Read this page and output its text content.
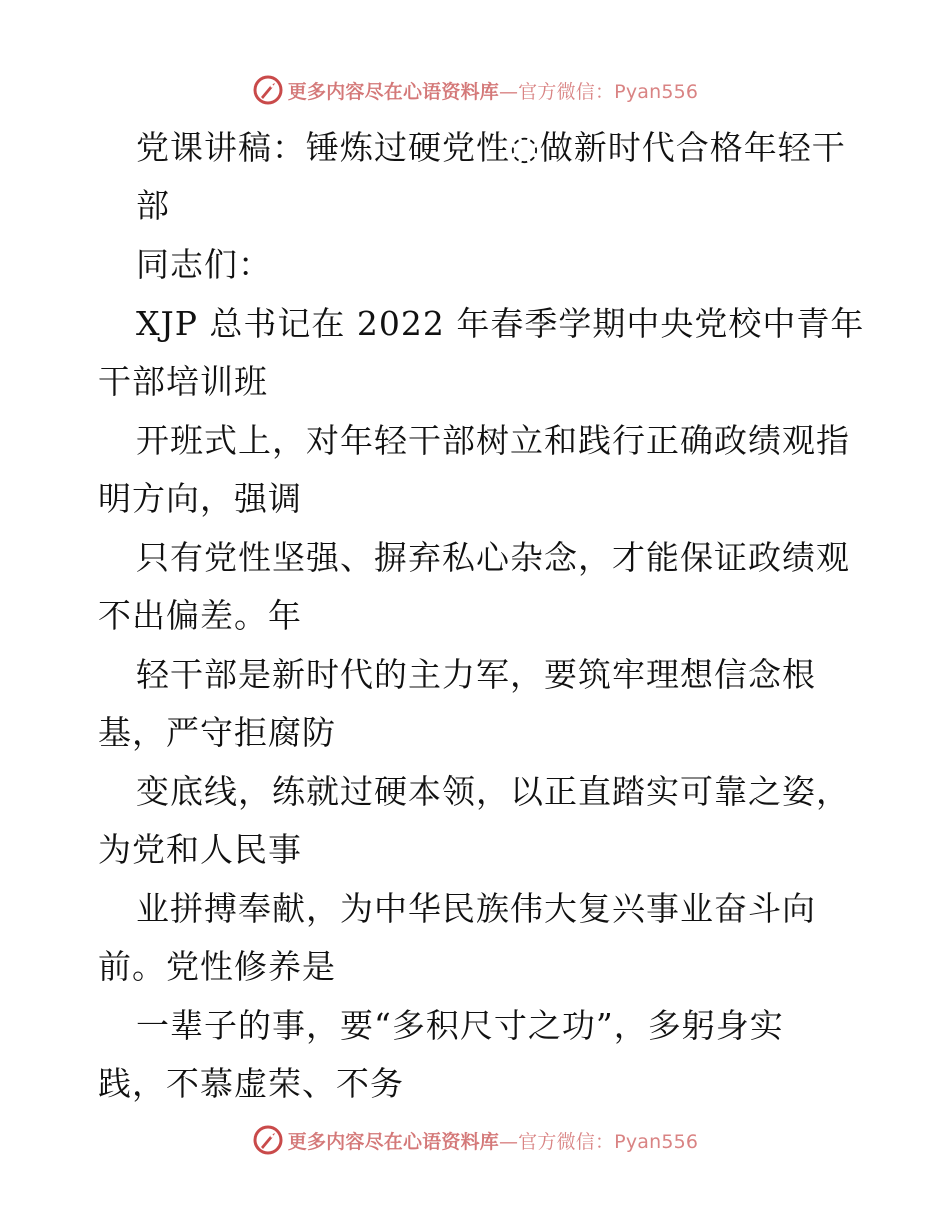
更多内容尽在心语资料库—官方微信：Pyan556
党课讲稿：锤炼过硬党性◌做新时代合格年轻干
部
同志们：
XJP 总书记在 2022 年春季学期中央党校中青年
干部培训班
开班式上，对年轻干部树立和践行正确政绩观指
明方向，强调
只有党性坚强、摒弃私心杂念，才能保证政绩观
不出偏差。年
轻干部是新时代的主力军，要筑牢理想信念根
基，严守拒腐防
变底线，练就过硬本领，以正直踏实可靠之姿，
为党和人民事
业拼搏奉献，为中华民族伟大复兴事业奋斗向
前。党性修养是
一辈子的事，要“多积尺寸之功”，多躬身实
践，不慕虚荣、不务
更多内容尽在心语资料库—官方微信：Pyan556
